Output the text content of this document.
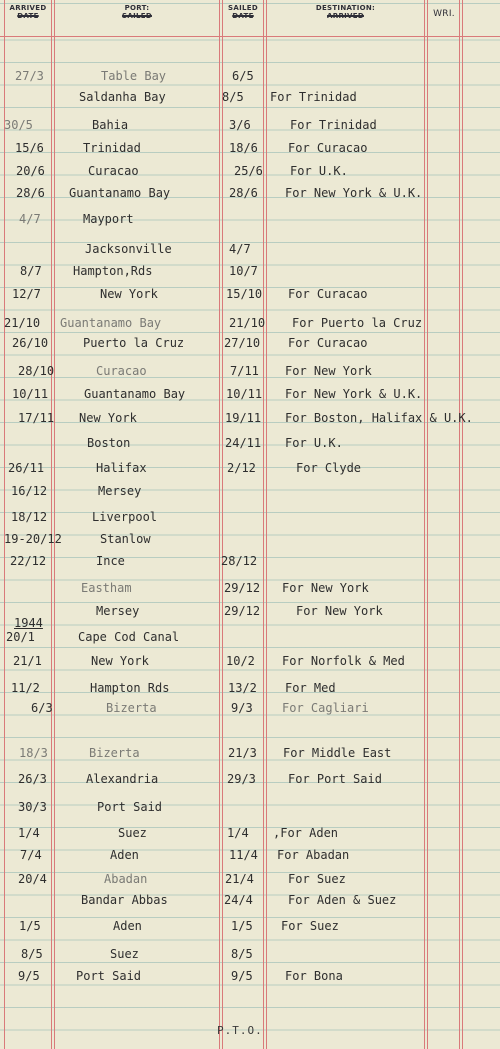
ARRIVED
DATE
PORT:
SAILED
SAILED
DATE
DESTINATION:
ARRIVED	WRI.
27/3	Table Bay	6/5
Saldanha Bay	8/5 For Trinidad
30/5	Bahia	3/6	For Trinidad
15/6	Trinidad	18/6	For Curacao
20/6	Curacao	25/6 For U.K.
28/6 Guantanamo Bay	28/6 For New York & U.K.
4/7	Mayport
Jacksonville	4/7
8/7	Hampton,Rds	10/7
12/7	New York	15/10 For Curacao
21/10 Guantanamo Bay	21/10 For Puerto la Cruz
26/10	Puerto la Cruz	27/10 For Curacao
28/10	Curacao	7/11 For New York
10/11	Guantanamo Bay	10/11 For New York & U.K.
17/11 New York	19/11 For Boston, Halifax & U.K.
Boston	24/11 For U.K.
26/11	Halifax	2/12	For Clyde
16/12	Mersey
18/12	Liverpool
19-20/12	Stanlow
22/12	Ince	28/12
Eastham	29/12 For New York
1944
Mersey	29/12	For New York
20/1	Cape Cod Canal
21/1	New York	10/2 For Norfolk & Med
11/2	Hampton Rds	13/2 For Med
6/3	Bizerta	9/3 For Cagliari
18/3	Bizerta	21/3 For Middle East
26/3	Alexandria	29/3	For Port Said
30/3	Port Said
1/4	Suez	1/4 ,For Aden
7/4	Aden	11/4 For Abadan
20/4	Abadan	21/4	For Suez
Bandar Abbas	24/4	For Aden & Suez
1/5	Aden	1/5 For Suez
8/5	Suez	8/5
9/5	Port Said	9/5	For Bona
P.T.O.
